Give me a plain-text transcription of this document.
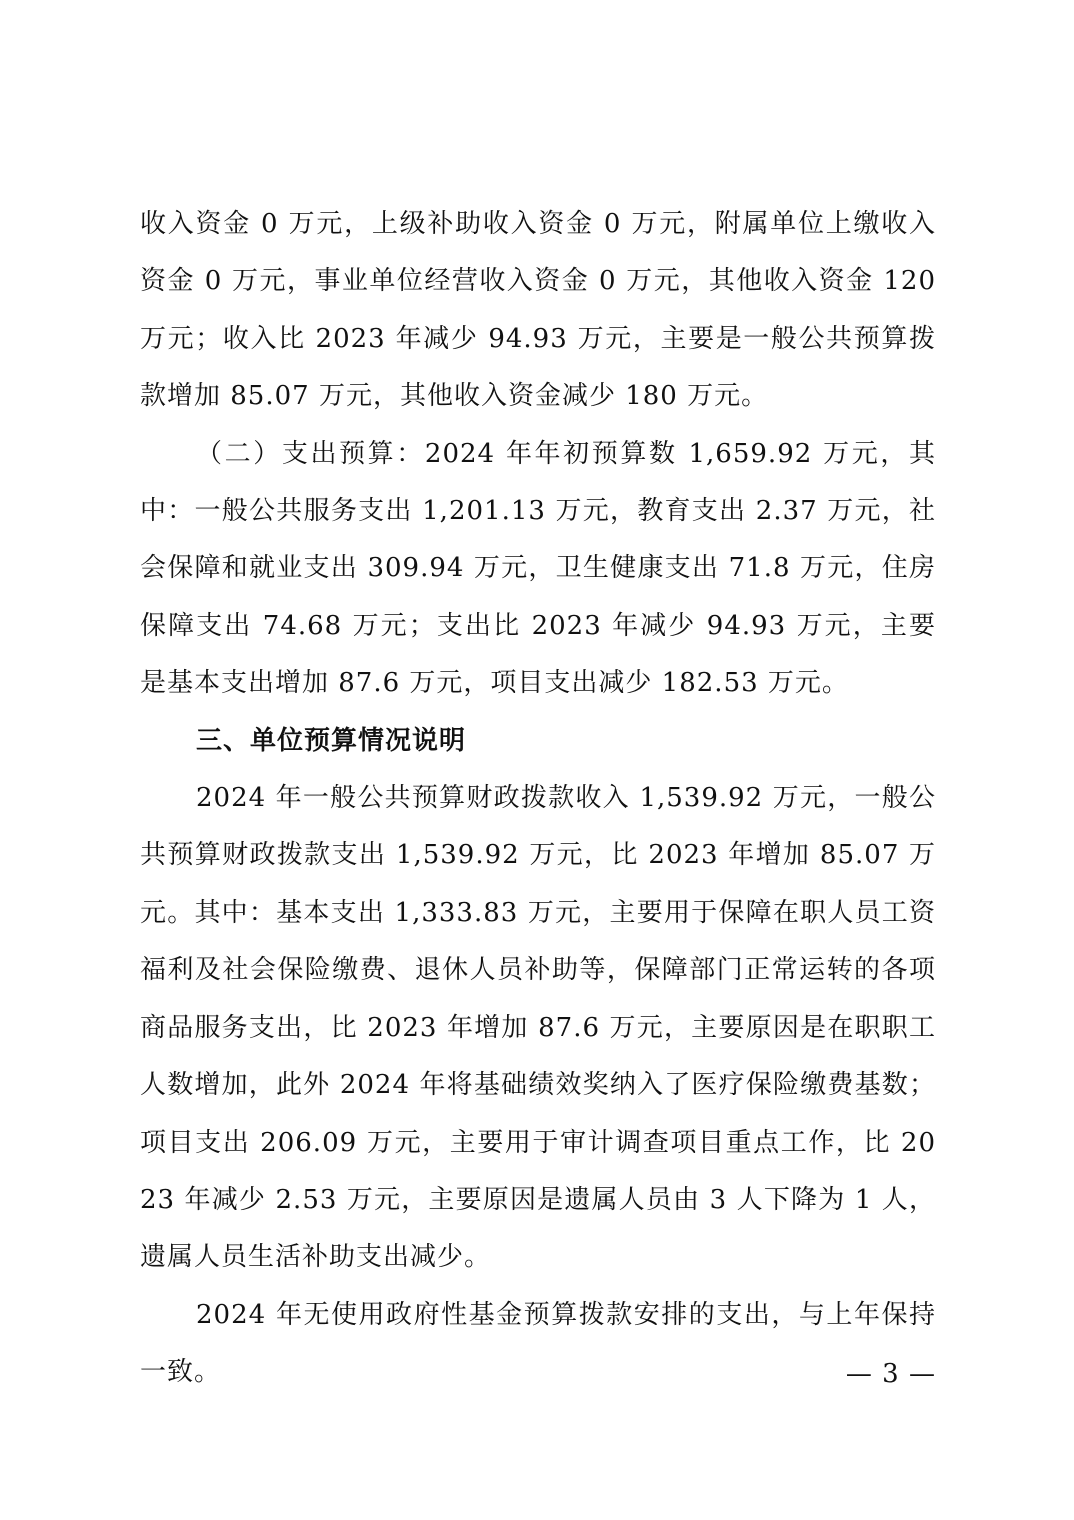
收入资金 0 万元，上级补助收入资金 0 万元，附属单位上缴收入资金 0 万元，事业单位经营收入资金 0 万元，其他收入资金 120 万元；收入比 2023 年减少 94.93 万元，主要是一般公共预算拨款增加 85.07 万元，其他收入资金减少 180 万元。

（二）支出预算：2024 年年初预算数 1,659.92 万元，其中：一般公共服务支出 1,201.13 万元，教育支出 2.37 万元，社会保障和就业支出 309.94 万元，卫生健康支出 71.8 万元，住房保障支出 74.68 万元；支出比 2023 年减少 94.93 万元，主要是基本支出增加 87.6 万元，项目支出减少 182.53 万元。

三、单位预算情况说明

2024 年一般公共预算财政拨款收入 1,539.92 万元，一般公共预算财政拨款支出 1,539.92 万元，比 2023 年增加 85.07 万元。其中：基本支出 1,333.83 万元，主要用于保障在职人员工资福利及社会保险缴费、退休人员补助等，保障部门正常运转的各项商品服务支出，比 2023 年增加 87.6 万元，主要原因是在职职工人数增加，此外 2024 年将基础绩效奖纳入了医疗保险缴费基数；项目支出 206.09 万元，主要用于审计调查项目重点工作，比 2023 年减少 2.53 万元，主要原因是遗属人员由 3 人下降为 1 人，遗属人员生活补助支出减少。

2024 年无使用政府性基金预算拨款安排的支出，与上年保持一致。	— 3 —
